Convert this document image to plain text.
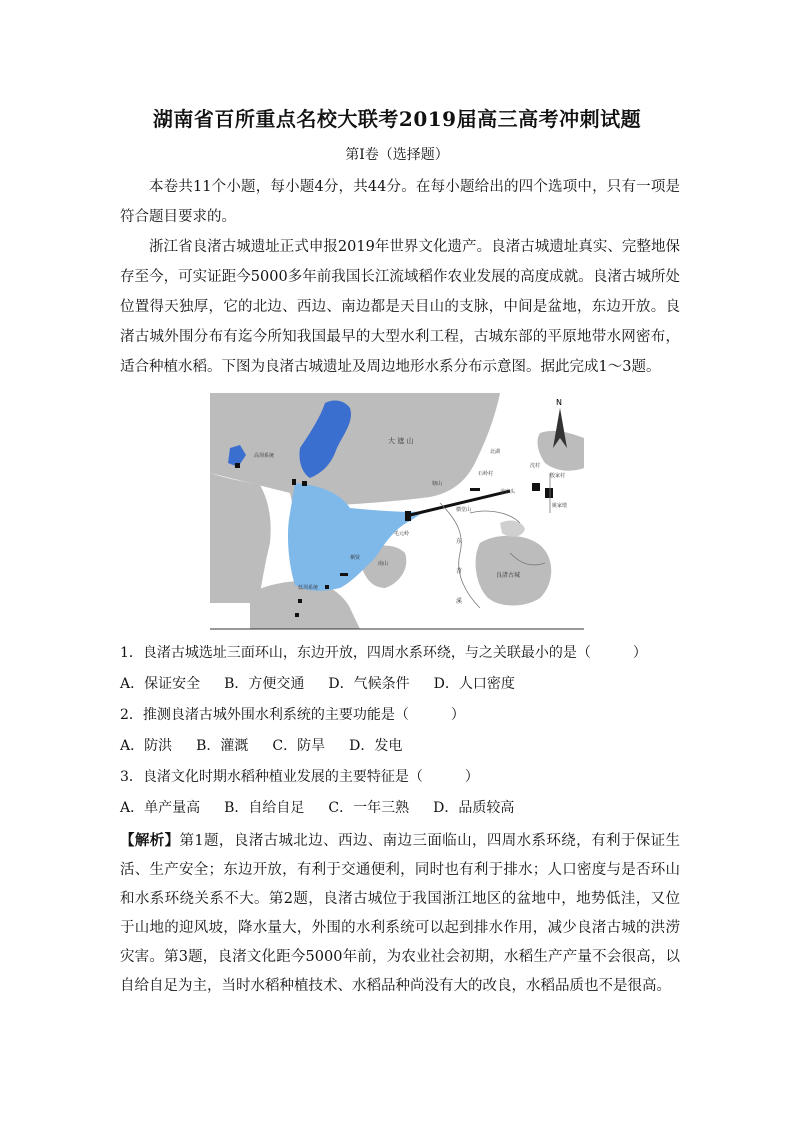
湖南省百所重点名校大联考2019届高三高考冲刺试题
第Ⅰ卷（选择题）

本卷共11个小题，每小题4分，共44分。在每小题给出的四个选项中，只有一项是符合题目要求的。

浙江省良渚古城遗址正式申报2019年世界文化遗产。良渚古城遗址真实、完整地保存至今，可实证距今5000多年前我国长江流域稻作农业发展的高度成就。良渚古城所处位置得天独厚，它的北边、西边、南边都是天目山的支脉，中间是盆地，东边开放。良渚古城外围分布有迄今所知我国最早的大型水利工程，古城东部的平原地带水网密布，适合种植水稻。下图为良渚古城遗址及周边地形水系分布示意图。据此完成1～3题。

N
大 遮 山
高坝系统
低坝系统
塘山
石岭村
姜家头
殷家村
姚家墩
横堂山
毛元岭
东
苕
溪
良渚古城
南山
栖贤
沈村
北湖

1．良渚古城选址三面环山，东边开放，四周水系环绕，与之关联最小的是（　　　）

A．保证安全 B．方便交通 D．气候条件 D．人口密度

2．推测良渚古城外围水利系统的主要功能是（　　　）

A．防洪 B．灌溉 C．防旱 D．发电

3．良渚文化时期水稻种植业发展的主要特征是（　　　）

A．单产量高 B．自给自足 C．一年三熟 D．品质较高

【解析】第1题，良渚古城北边、西边、南边三面临山，四周水系环绕，有利于保证生活、生产安全；东边开放，有利于交通便利，同时也有利于排水；人口密度与是否环山和水系环绕关系不大。第2题，良渚古城位于我国浙江地区的盆地中，地势低洼，又位于山地的迎风坡，降水量大，外围的水利系统可以起到排水作用，减少良渚古城的洪涝灾害。第3题，良渚文化距今5000年前，为农业社会初期，水稻生产产量不会很高，以自给自足为主，当时水稻种植技术、水稻品种尚没有大的改良，水稻品质也不是很高。
